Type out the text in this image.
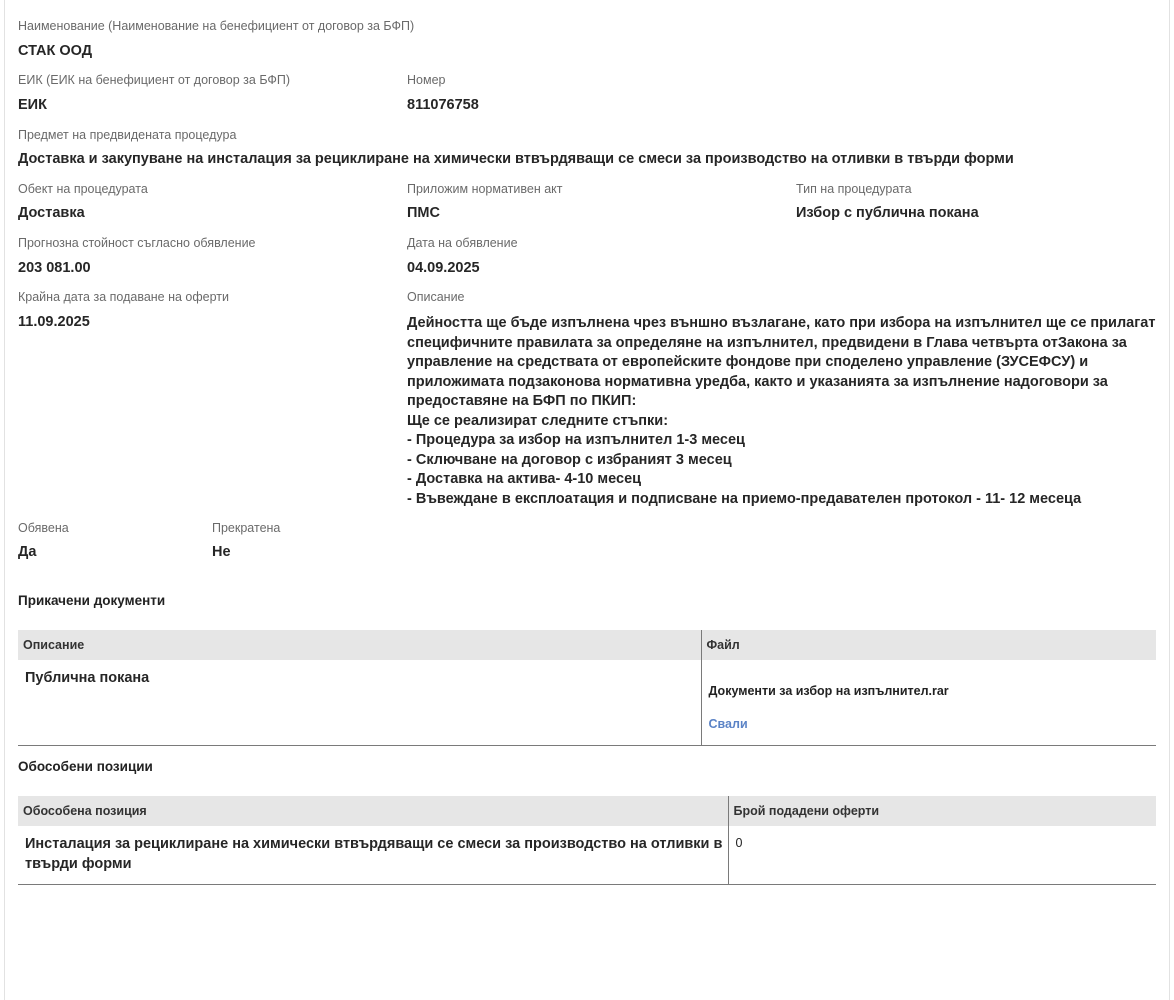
Наименование (Наименование на бенефициент от договор за БФП)
СТАК ООД
ЕИК (ЕИК на бенефициент от договор за БФП)
ЕИК
Номер
811076758
Предмет на предвидената процедура
Доставка и закупуване на инсталация за рециклиране на химически втвърдяващи се смеси за производство на отливки в твърди форми
Обект на процедурата
Доставка
Приложим нормативен акт
ПМС
Тип на процедурата
Избор с публична покана
Прогнозна стойност съгласно обявление
203 081.00
Дата на обявление
04.09.2025
Крайна дата за подаване на оферти
11.09.2025
Описание
Дейността ще бъде изпълнена чрез външно възлагане, като при избора на изпълнител ще се прилагат
специфичните правилата за определяне на изпълнител, предвидени в Глава четвърта отЗакона за
управление на средствата от европейските фондове при споделено управление (ЗУСЕФСУ) и
приложимата подзаконова нормативна уредба, както и указанията за изпълнение надоговори за
предоставяне на БФП по ПКИП:
Ще се реализират следните стъпки:
- Процедура за избор на изпълнител 1-3 месец
- Сключване на договор с избраният 3 месец
- Доставка на актива- 4-10 месец
- Въвеждане в експлоатация и подписване на приемо-предавателен протокол - 11- 12 месеца
Обявена
Да
Прекратена
Не
Прикачени документи
Описание	Файл

Публична покана	Документи за избор на изпълнител.rar
Свали
Обособени позиции
Обособена позиция	Брой подадени оферти

Инсталация за рециклиране на химически втвърдяващи се смеси за производство на отливки в
твърди форми	0
